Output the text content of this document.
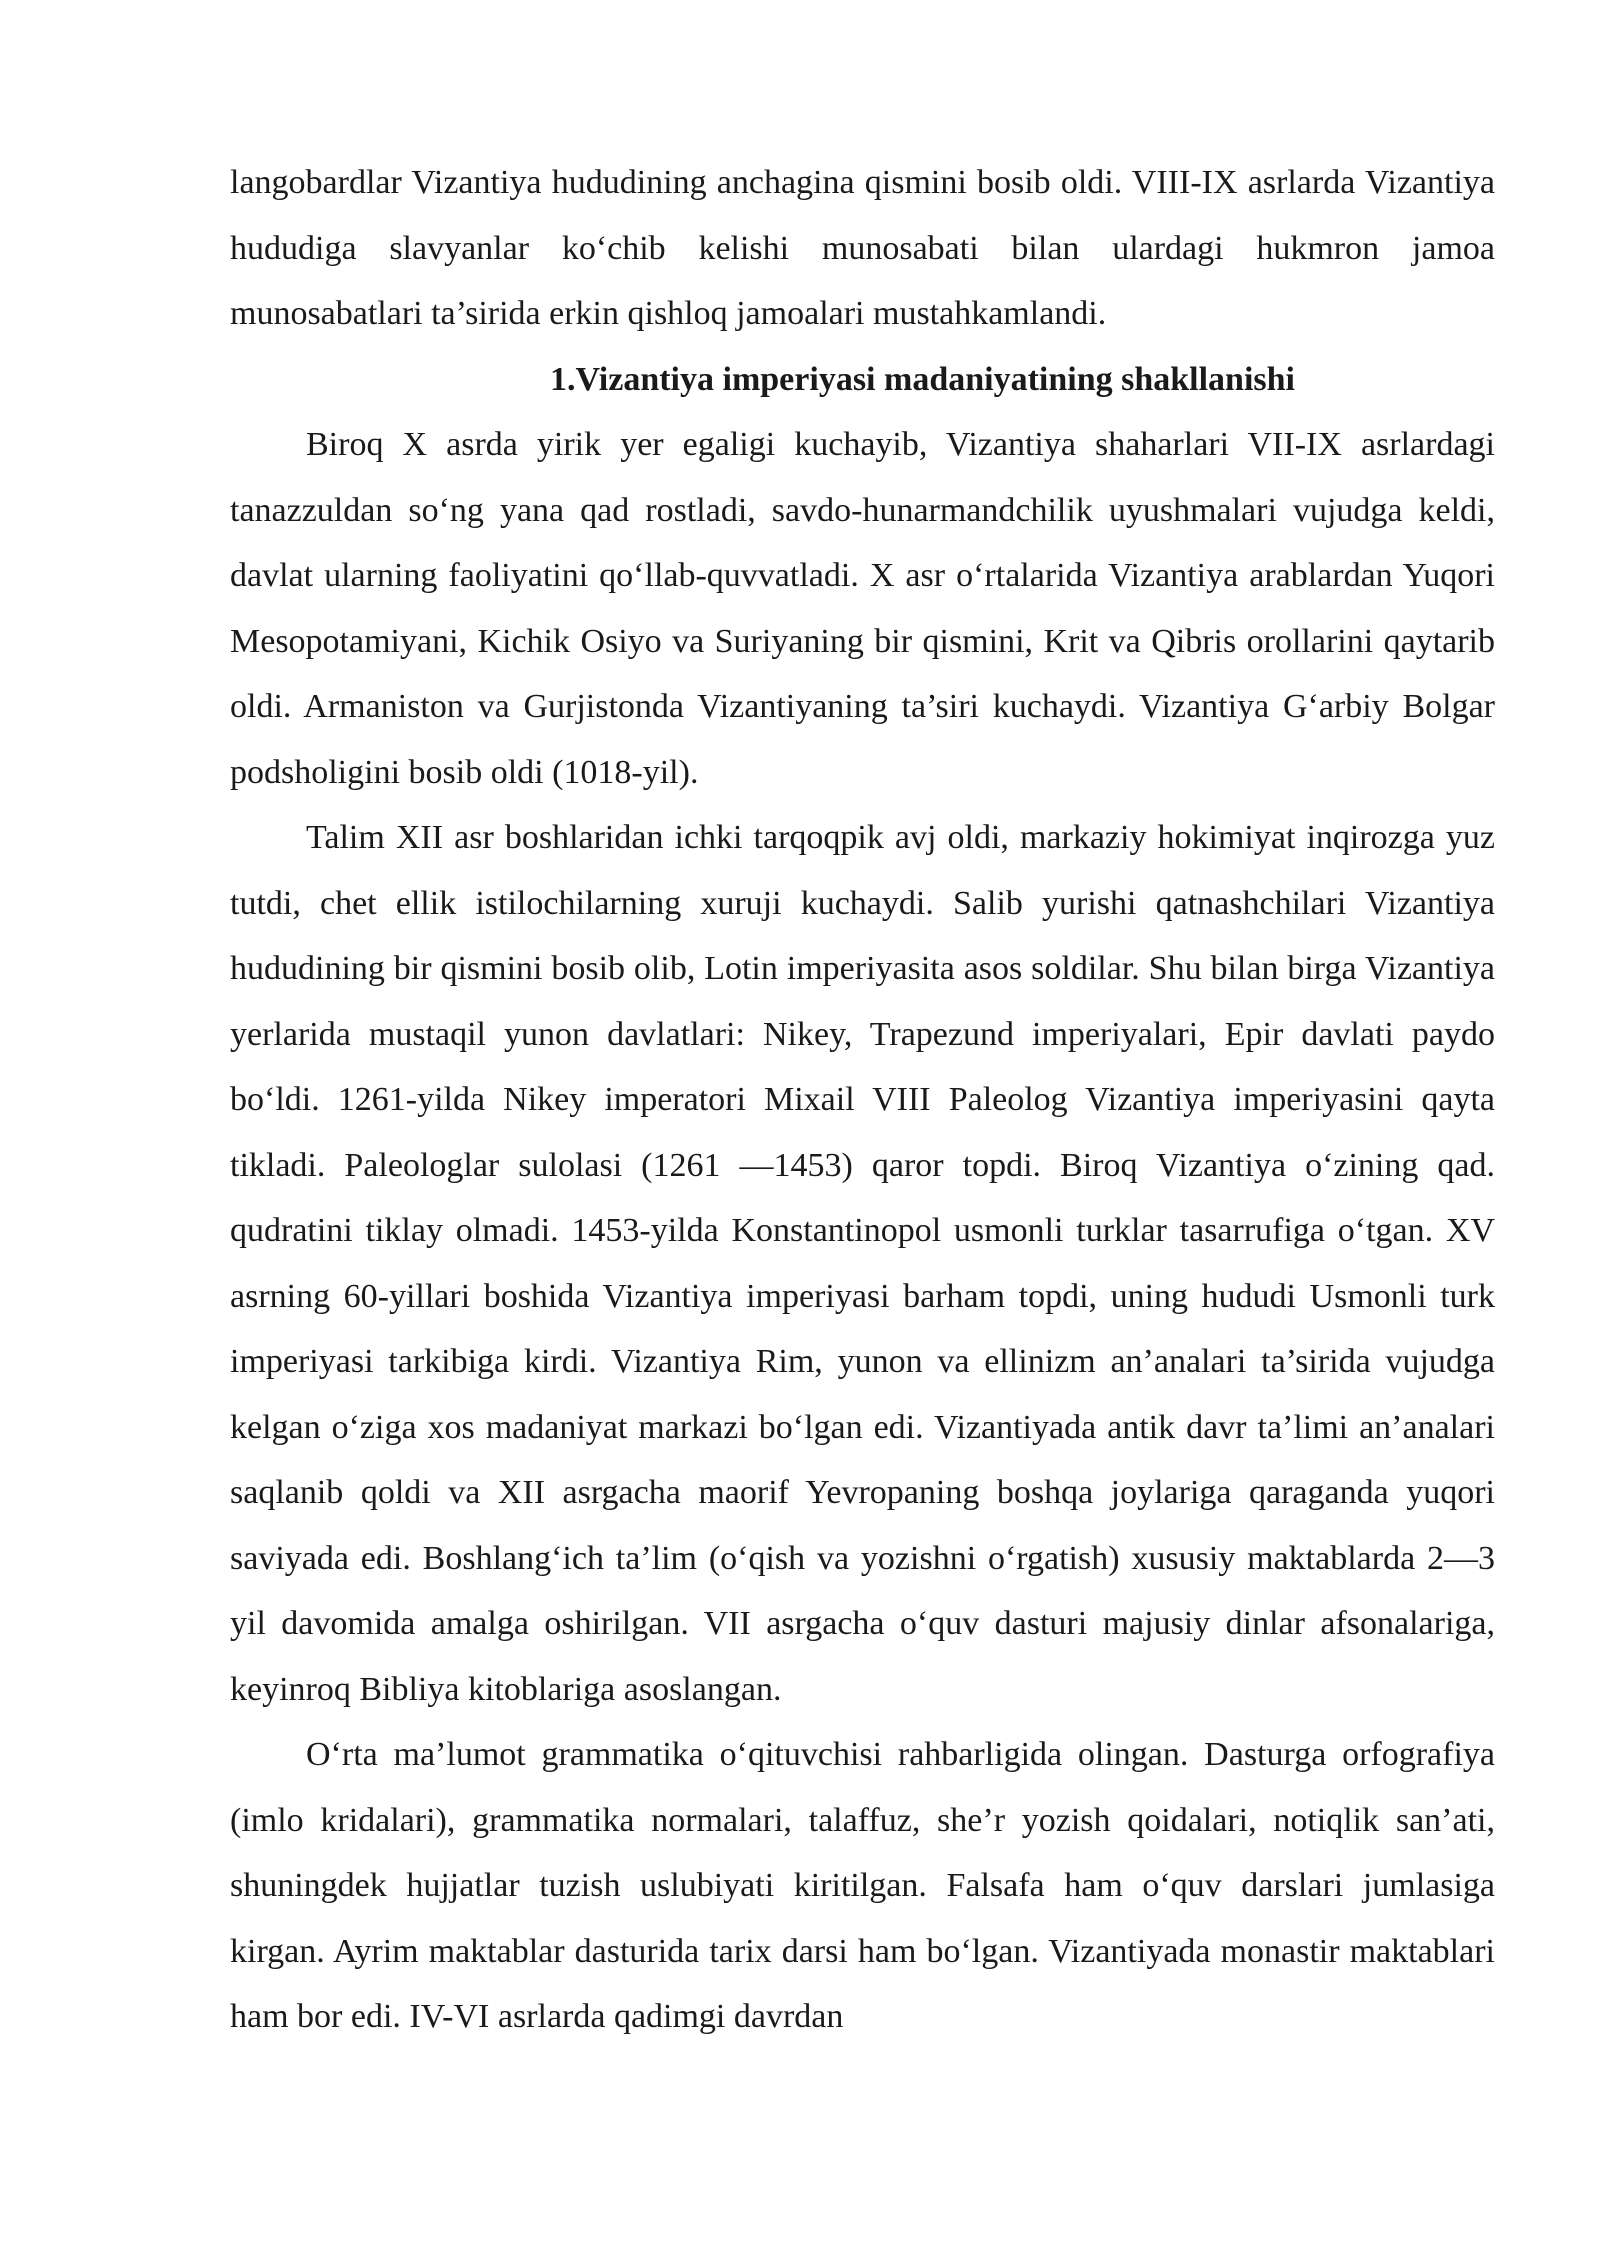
langobardlar Vizantiya hududining anchagina qismini bosib oldi. VIII-IX asrlarda Vizantiya hududiga slavyanlar ko‘chib kelishi munosabati bilan ulardagi hukmron jamoa munosabatlari ta’sirida erkin qishloq jamoalari mustahkamlandi.

1.Vizantiya imperiyasi madaniyatining shakllanishi

Biroq X asrda yirik yer egaligi kuchayib, Vizantiya shaharlari VII-IX asrlardagi tanazzuldan so‘ng yana qad rostladi, savdo-hunarmandchilik uyushmalari vujudga keldi, davlat ularning faoliyatini qo‘llab-quvvatladi. X asr o‘rtalarida Vizantiya arablardan Yuqori Mesopotamiyani, Kichik Osiyo va Suriyaning bir qismini, Krit va Qibris orollarini qaytarib oldi. Armaniston va Gurjistonda Vizantiyaning ta’siri kuchaydi. Vizantiya G‘arbiy Bolgar podsholigini bosib oldi (1018-yil).

Talim XII asr boshlaridan ichki tarqoqpik avj oldi, markaziy hokimiyat inqirozga yuz tutdi, chet ellik istilochilarning xuruji kuchaydi. Salib yurishi qatnashchilari Vizantiya hududining bir qismini bosib olib, Lotin imperiyasita asos soldilar. Shu bilan birga Vizantiya yerlarida mustaqil yunon davlatlari: Nikey, Trapezund imperiyalari, Epir davlati paydo bo‘ldi. 1261-yilda Nikey imperatori Mixail VIII Paleolog Vizantiya imperiyasini qayta tikladi. Paleologlar sulolasi (1261 —1453) qaror topdi. Biroq Vizantiya o‘zining qad. qudratini tiklay olmadi. 1453-yilda Konstantinopol usmonli turklar tasarrufiga o‘tgan. XV asrning 60-yillari boshida Vizantiya imperiyasi barham topdi, uning hududi Usmonli turk imperiyasi tarkibiga kirdi. Vizantiya Rim, yunon va ellinizm an’analari ta’sirida vujudga kelgan o‘ziga xos madaniyat markazi bo‘lgan edi. Vizantiyada antik davr ta’limi an’analari saqlanib qoldi va XII asrgacha maorif Yevropaning boshqa joylariga qaraganda yuqori saviyada edi. Boshlang‘ich ta’lim (o‘qish va yozishni o‘rgatish) xususiy maktablarda 2—3 yil davomida amalga oshirilgan. VII asrgacha o‘quv dasturi majusiy dinlar afsonalariga, keyinroq Bibliya kitoblariga asoslangan.

O‘rta ma’lumot grammatika o‘qituvchisi rahbarligida olingan. Dasturga orfografiya (imlo kridalari), grammatika normalari, talaffuz, she’r yozish qoidalari, notiqlik san’ati, shuningdek hujjatlar tuzish uslubiyati kiritilgan. Falsafa ham o‘quv darslari jumlasiga kirgan. Ayrim maktablar dasturida tarix darsi ham bo‘lgan. Vizantiyada monastir maktablari ham bor edi. IV-VI asrlarda qadimgi davrdan
